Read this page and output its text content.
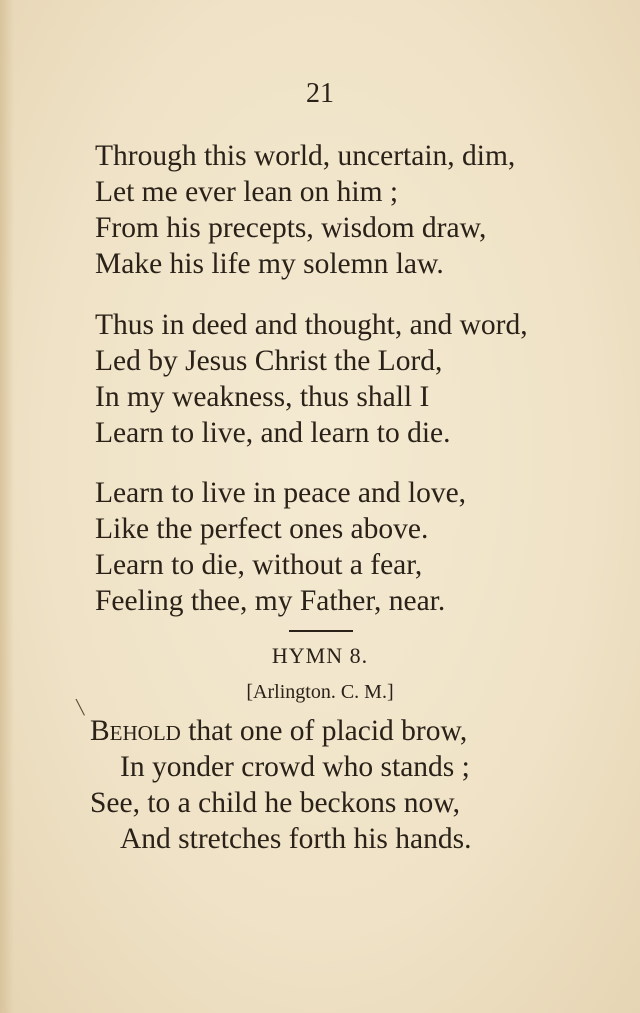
21
Through this world, uncertain, dim,
Let me ever lean on him ;
From his precepts, wisdom draw,
Make his life my solemn law.
Thus in deed and thought, and word,
Led by Jesus Christ the Lord,
In my weakness, thus shall I
Learn to live, and learn to die.
Learn to live in peace and love,
Like the perfect ones above.
Learn to die, without a fear,
Feeling thee, my Father, near.
HYMN 8.
[Arlington. C. M.]
╲
Behold that one of placid brow,
In yonder crowd who stands ;
See, to a child he beckons now,
And stretches forth his hands.
